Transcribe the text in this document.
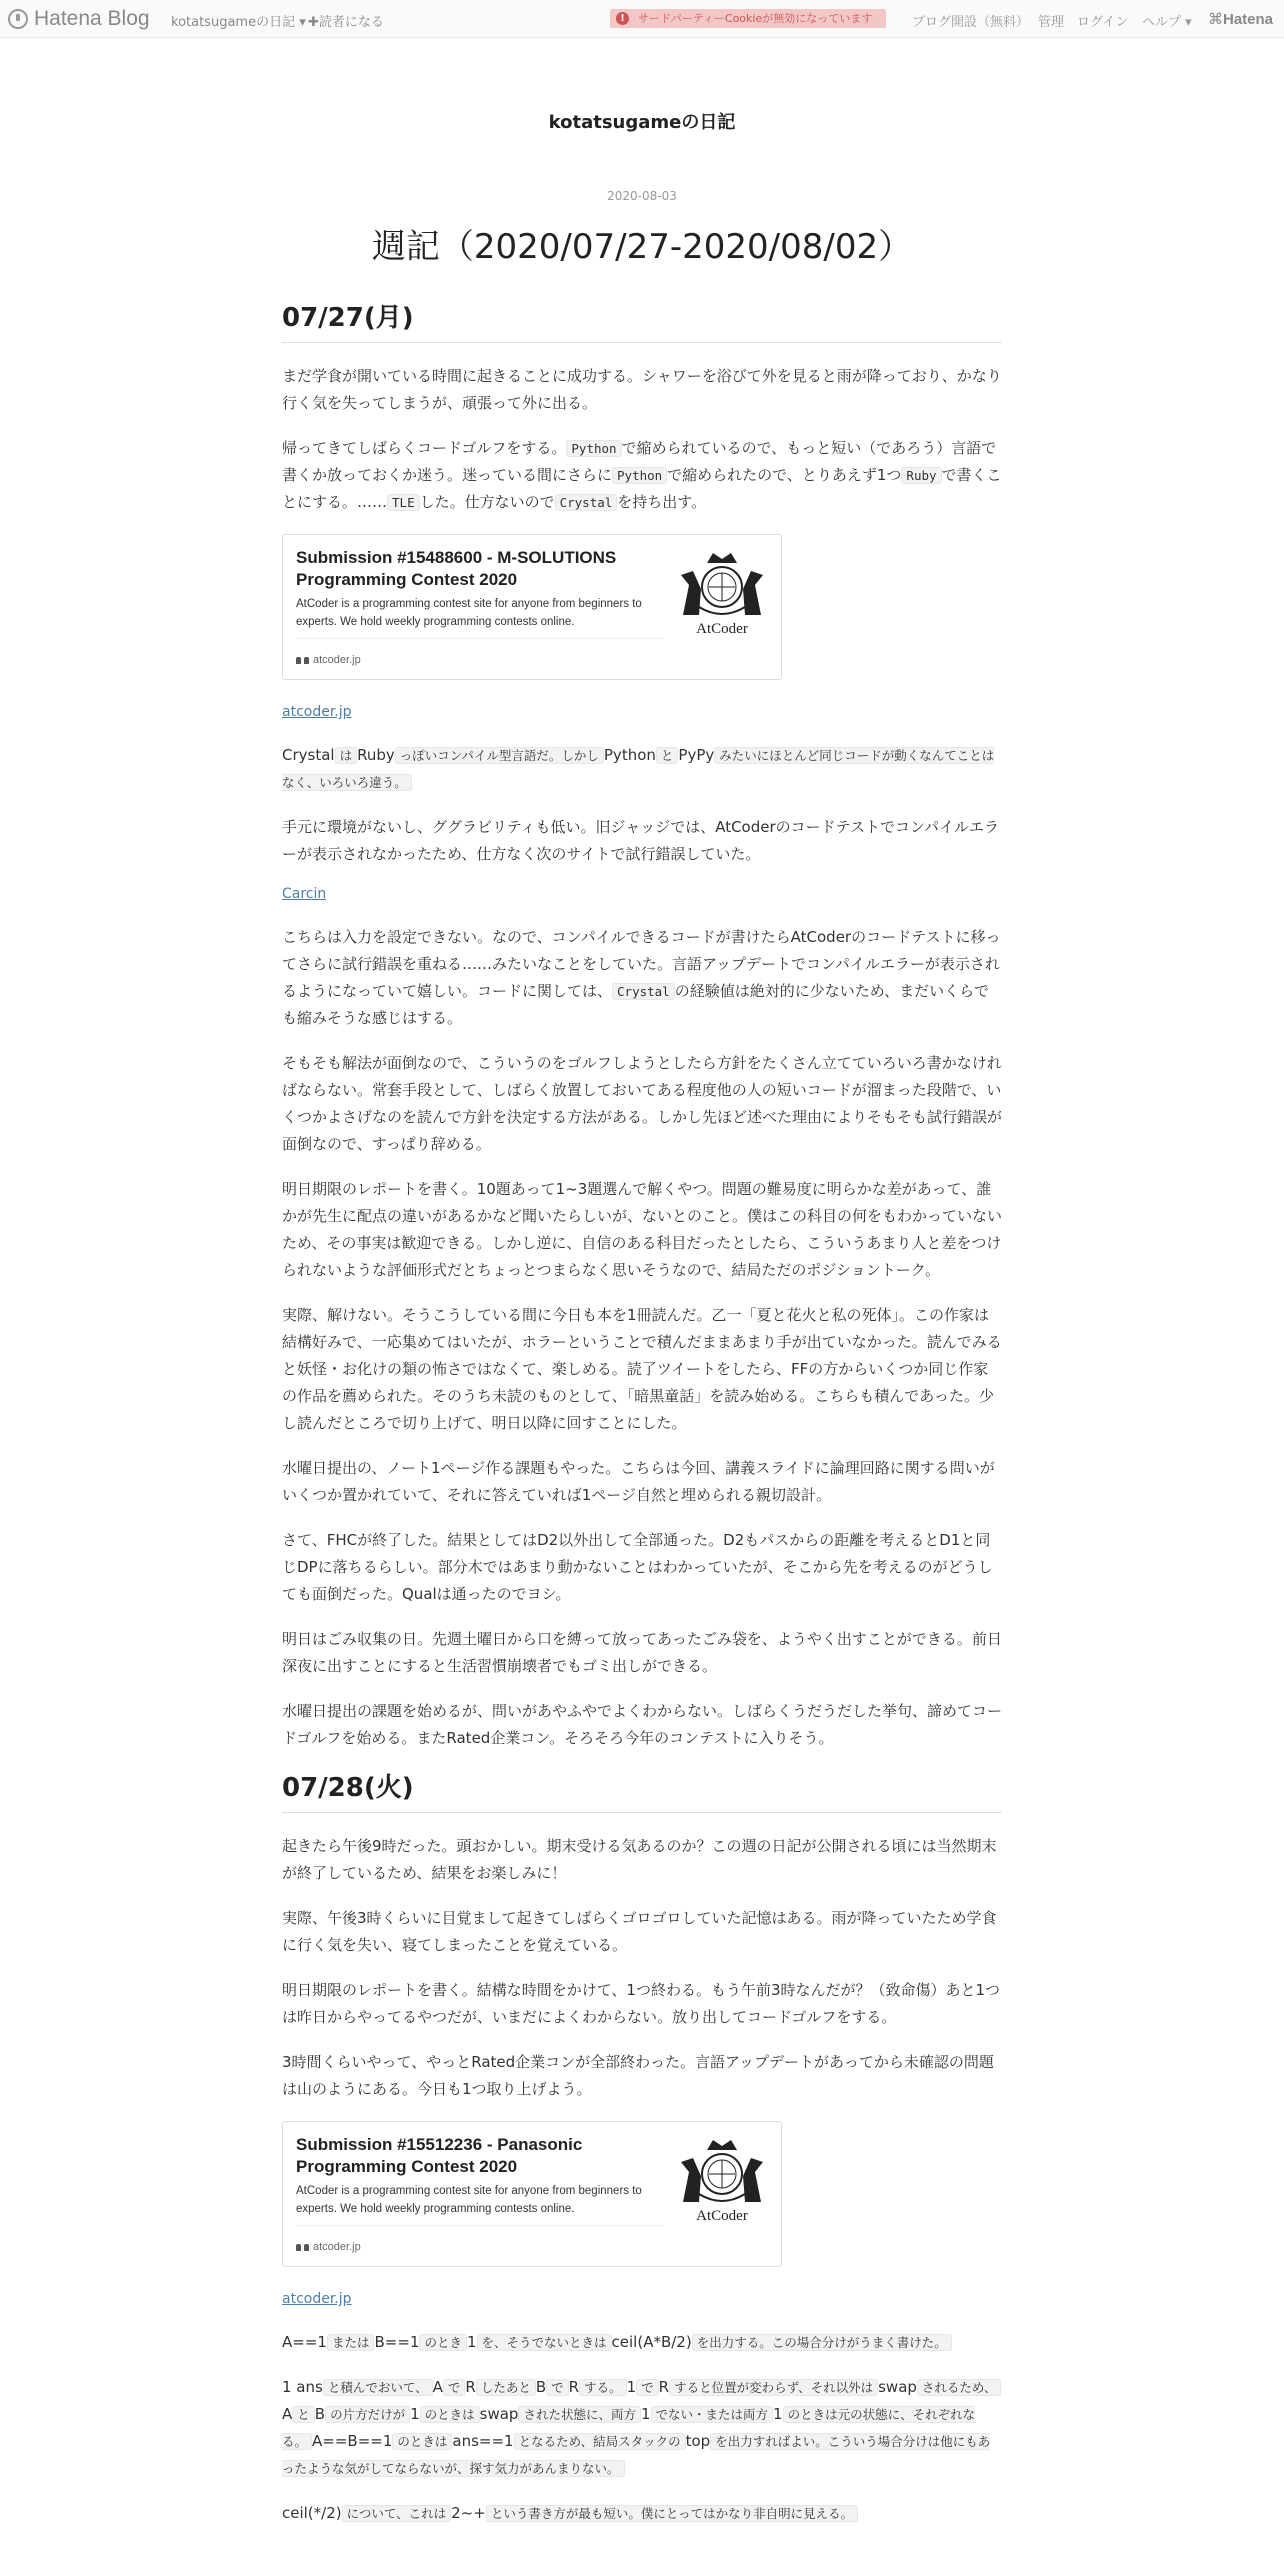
Hatena Blog kotatsugameの日記 ▾ ✚読者になる	!	サードパーティーCookieが無効になっています	ブログ開設（無料） 管理 ログイン ヘルプ ▾ ⌘Hatena
kotatsugameの日記
2020-08-03
週記（2020/07/27-2020/08/02）
07/27(月)

まだ学食が開いている時間に起きることに成功する。シャワーを浴びて外を見ると雨が降っており、かなり行く気を失ってしまうが、頑張って外に出る。

帰ってきてしばらくコードゴルフをする。 Python で縮められているので、もっと短い（であろう）言語で書くか放っておくか迷う。迷っている間にさらに Python で縮められたので、とりあえず1つ Ruby で書くことにする。…… TLE した。仕方ないので Crystal を持ち出す。

Submission #15488600 - M-SOLUTIONS Programming Contest 2020
AtCoder is a programming contest site for anyone from beginners to experts. We hold weekly programming contests online.
atcoder.jp
AtCoder
atcoder.jp

Crystal は Ruby っぽいコンパイル型言語だ。しかし Python と PyPy みたいにほとんど同じコードが動くなんてことはなく、いろいろ違う。

手元に環境がないし、ググラビリティも低い。旧ジャッジでは、AtCoderのコードテストでコンパイルエラーが表示されなかったため、仕方なく次のサイトで試行錯誤していた。

Carcin

こちらは入力を設定できない。なので、コンパイルできるコードが書けたらAtCoderのコードテストに移ってさらに試行錯誤を重ねる……みたいなことをしていた。言語アップデートでコンパイルエラーが表示されるようになっていて嬉しい。コードに関しては、 Crystal の経験値は絶対的に少ないため、まだいくらでも縮みそうな感じはする。

そもそも解法が面倒なので、こういうのをゴルフしようとしたら方針をたくさん立てていろいろ書かなければならない。常套手段として、しばらく放置しておいてある程度他の人の短いコードが溜まった段階で、いくつかよさげなのを読んで方針を決定する方法がある。しかし先ほど述べた理由によりそもそも試行錯誤が面倒なので、すっぱり辞める。

明日期限のレポートを書く。10題あって1~3題選んで解くやつ。問題の難易度に明らかな差があって、誰かが先生に配点の違いがあるかなど聞いたらしいが、ないとのこと。僕はこの科目の何をもわかっていないため、その事実は歓迎できる。しかし逆に、自信のある科目だったとしたら、こういうあまり人と差をつけられないような評価形式だとちょっとつまらなく思いそうなので、結局ただのポジショントーク。

実際、解けない。そうこうしている間に今日も本を1冊読んだ。乙一「夏と花火と私の死体」。この作家は結構好みで、一応集めてはいたが、ホラーということで積んだままあまり手が出ていなかった。読んでみると妖怪・お化けの類の怖さではなくて、楽しめる。読了ツイートをしたら、FFの方からいくつか同じ作家の作品を薦められた。そのうち未読のものとして、「暗黒童話」を読み始める。こちらも積んであった。少し読んだところで切り上げて、明日以降に回すことにした。

水曜日提出の、ノート1ページ作る課題もやった。こちらは今回、講義スライドに論理回路に関する問いがいくつか置かれていて、それに答えていれば1ページ自然と埋められる親切設計。

さて、FHCが終了した。結果としてはD2以外出して全部通った。D2もパスからの距離を考えるとD1と同じDPに落ちるらしい。部分木ではあまり動かないことはわかっていたが、そこから先を考えるのがどうしても面倒だった。Qualは通ったのでヨシ。

明日はごみ収集の日。先週土曜日から口を縛って放ってあったごみ袋を、ようやく出すことができる。前日深夜に出すことにすると生活習慣崩壊者でもゴミ出しができる。

水曜日提出の課題を始めるが、問いがあやふやでよくわからない。しばらくうだうだした挙句、諦めてコードゴルフを始める。またRated企業コン。そろそろ今年のコンテストに入りそう。

07/28(火)

起きたら午後9時だった。頭おかしい。期末受ける気あるのか？この週の日記が公開される頃には当然期末が終了しているため、結果をお楽しみに！

実際、午後3時くらいに目覚まして起きてしばらくゴロゴロしていた記憶はある。雨が降っていたため学食に行く気を失い、寝てしまったことを覚えている。

明日期限のレポートを書く。結構な時間をかけて、1つ終わる。もう午前3時なんだが？（致命傷）あと1つは昨日からやってるやつだが、いまだによくわからない。放り出してコードゴルフをする。

3時間くらいやって、やっとRated企業コンが全部終わった。言語アップデートがあってから未確認の問題は山のようにある。今日も1つ取り上げよう。

Submission #15512236 - Panasonic Programming Contest 2020
AtCoder is a programming contest site for anyone from beginners to experts. We hold weekly programming contests online.
atcoder.jp
AtCoder
atcoder.jp

A==1 または B==1 のとき 1 を、そうでないときは ceil(A*B/2) を出力する。この場合分けがうまく書けた。

1 ans と積んでおいて、 A で R したあと B で R する。 1 で R すると位置が変わらず、それ以外は swap されるため、A と B の片方だけが 1 のときは swap された状態に、両方 1 でない・または両方 1 のときは元の状態に、それぞれなる。 A==B==1 のときは ans==1 となるため、結局スタックの top を出力すればよい。こういう場合分けは他にもあったような気がしてならないが、探す気力があんまりない。

ceil(*/2) について、これは 2~+ という書き方が最も短い。僕にとってはかなり非自明に見える。
